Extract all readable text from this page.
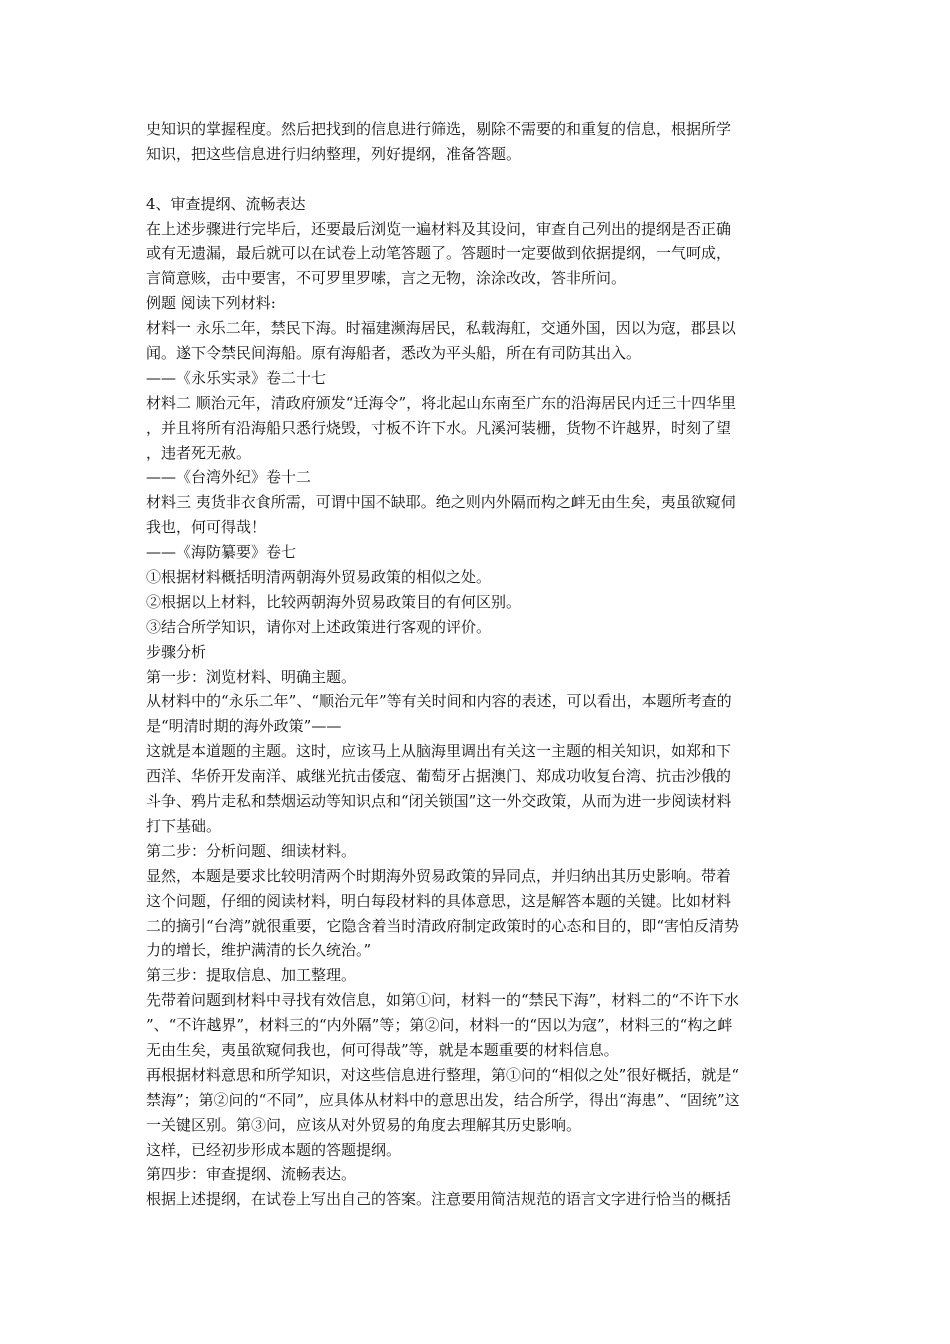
史知识的掌握程度。然后把找到的信息进行筛选，剔除不需要的和重复的信息，根据所学
知识，把这些信息进行归纳整理，列好提纲，准备答题。
4、审查提纲、流畅表达
在上述步骤进行完毕后，还要最后浏览一遍材料及其设问，审查自己列出的提纲是否正确
或有无遗漏，最后就可以在试卷上动笔答题了。答题时一定要做到依据提纲，一气呵成，
言简意赅，击中要害，不可罗里罗嗦，言之无物，涂涂改改，答非所问。
例题 阅读下列材料:
材料一 永乐二年，禁民下海。时福建濒海居民，私载海舡，交通外国，因以为寇，郡县以
闻。遂下令禁民间海船。原有海船者，悉改为平头船，所在有司防其出入。
——《永乐实录》卷二十七
材料二 顺治元年，清政府颁发“迁海令”，将北起山东南至广东的沿海居民内迁三十四华里
，并且将所有沿海船只悉行烧毁，寸板不许下水。凡溪河装栅，货物不许越界，时刻了望
，违者死无赦。
——《台湾外纪》卷十二
材料三 夷货非衣食所需，可谓中国不缺耶。绝之则内外隔而构之衅无由生矣，夷虽欲窥伺
我也，何可得哉！
——《海防纂要》卷七
①根据材料概括明清两朝海外贸易政策的相似之处。
②根据以上材料，比较两朝海外贸易政策目的有何区别。
③结合所学知识，请你对上述政策进行客观的评价。
步骤分析
第一步：浏览材料、明确主题。
从材料中的“永乐二年”、“顺治元年”等有关时间和内容的表述，可以看出，本题所考查的
是“明清时期的海外政策”——
这就是本道题的主题。这时，应该马上从脑海里调出有关这一主题的相关知识，如郑和下
西洋、华侨开发南洋、戚继光抗击倭寇、葡萄牙占据澳门、郑成功收复台湾、抗击沙俄的
斗争、鸦片走私和禁烟运动等知识点和“闭关锁国”这一外交政策，从而为进一步阅读材料
打下基础。
第二步：分析问题、细读材料。
显然，本题是要求比较明清两个时期海外贸易政策的异同点，并归纳出其历史影响。带着
这个问题，仔细的阅读材料，明白每段材料的具体意思，这是解答本题的关键。比如材料
二的摘引“台湾”就很重要，它隐含着当时清政府制定政策时的心态和目的，即“害怕反清势
力的增长，维护满清的长久统治。”
第三步：提取信息、加工整理。
先带着问题到材料中寻找有效信息，如第①问，材料一的“禁民下海”，材料二的“不许下水
”、“不许越界”，材料三的“内外隔”等；第②问，材料一的“因以为寇”，材料三的“构之衅
无由生矣，夷虽欲窥伺我也，何可得哉”等，就是本题重要的材料信息。
再根据材料意思和所学知识，对这些信息进行整理，第①问的“相似之处”很好概括，就是“
禁海”；第②问的“不同”，应具体从材料中的意思出发，结合所学，得出“海患”、“固统”这
一关键区别。第③问，应该从对外贸易的角度去理解其历史影响。
这样，已经初步形成本题的答题提纲。
第四步：审查提纲、流畅表达。
根据上述提纲，在试卷上写出自己的答案。注意要用简洁规范的语言文字进行恰当的概括
